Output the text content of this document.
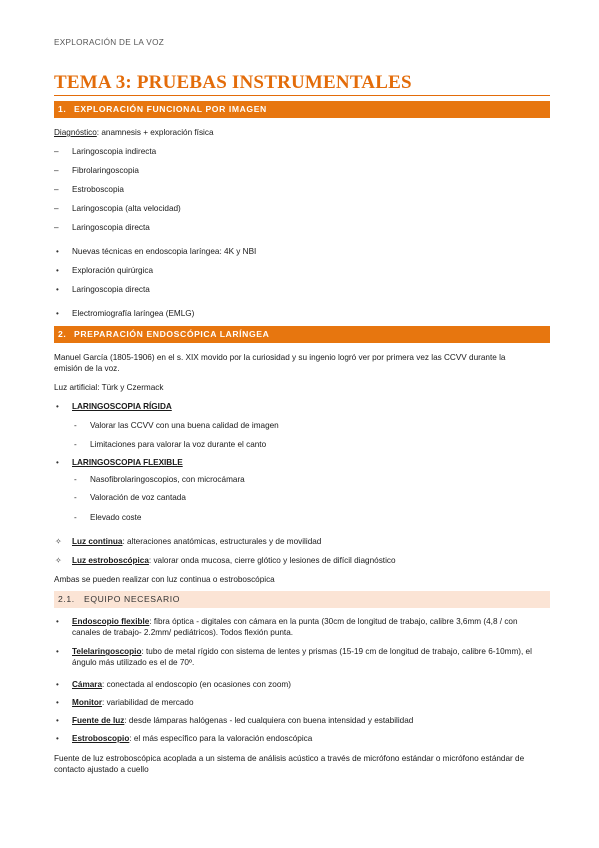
EXPLORACIÓN DE LA VOZ
TEMA 3: PRUEBAS INSTRUMENTALES
1. EXPLORACIÓN FUNCIONAL POR IMAGEN
Diagnóstico: anamnesis + exploración física
– Laringoscopia indirecta
– Fibrolaringoscopia
– Estroboscopia
– Laringoscopia (alta velocidad)
– Laringoscopia directa
• Nuevas técnicas en endoscopia laríngea: 4K y NBI
• Exploración quirúrgica
• Laringoscopia directa
• Electromiografía laríngea (EMLG)
2. PREPARACIÓN ENDOSCÓPICA LARÍNGEA
Manuel García (1805-1906) en el s. XIX movido por la curiosidad y su ingenio logró ver por primera vez las CCVV durante la emisión de la voz.
Luz artificial: Türk y Czermack
• LARINGOSCOPIA RÍGIDA
- Valorar las CCVV con una buena calidad de imagen
- Limitaciones para valorar la voz durante el canto
• LARINGOSCOPIA FLEXIBLE
- Nasofibrolaringoscopios, con microcámara
- Valoración de voz cantada
- Elevado coste
✧ Luz continua: alteraciones anatómicas, estructurales y de movilidad
✧ Luz estroboscópica: valorar onda mucosa, cierre glótico y lesiones de difícil diagnóstico
Ambas se pueden realizar con luz continua o estroboscópica
2.1. EQUIPO NECESARIO
• Endoscopio flexible: fibra óptica - digitales con cámara en la punta (30cm de longitud de trabajo, calibre 3,6mm (4,8 / con canales de trabajo- 2.2mm/ pediátricos). Todos flexión punta.
• Telelaringoscopio: tubo de metal rígido con sistema de lentes y prismas (15-19 cm de longitud de trabajo, calibre 6-10mm), el ángulo más utilizado es el de 70º.
• Cámara: conectada al endoscopio (en ocasiones con zoom)
• Monitor: variabilidad de mercado
• Fuente de luz: desde lámparas halógenas - led cualquiera con buena intensidad y estabilidad
• Estroboscopio: el más específico para la valoración endoscópica
Fuente de luz estroboscópica acoplada a un sistema de análisis acústico a través de micrófono estándar o micrófono estándar de contacto ajustado a cuello
